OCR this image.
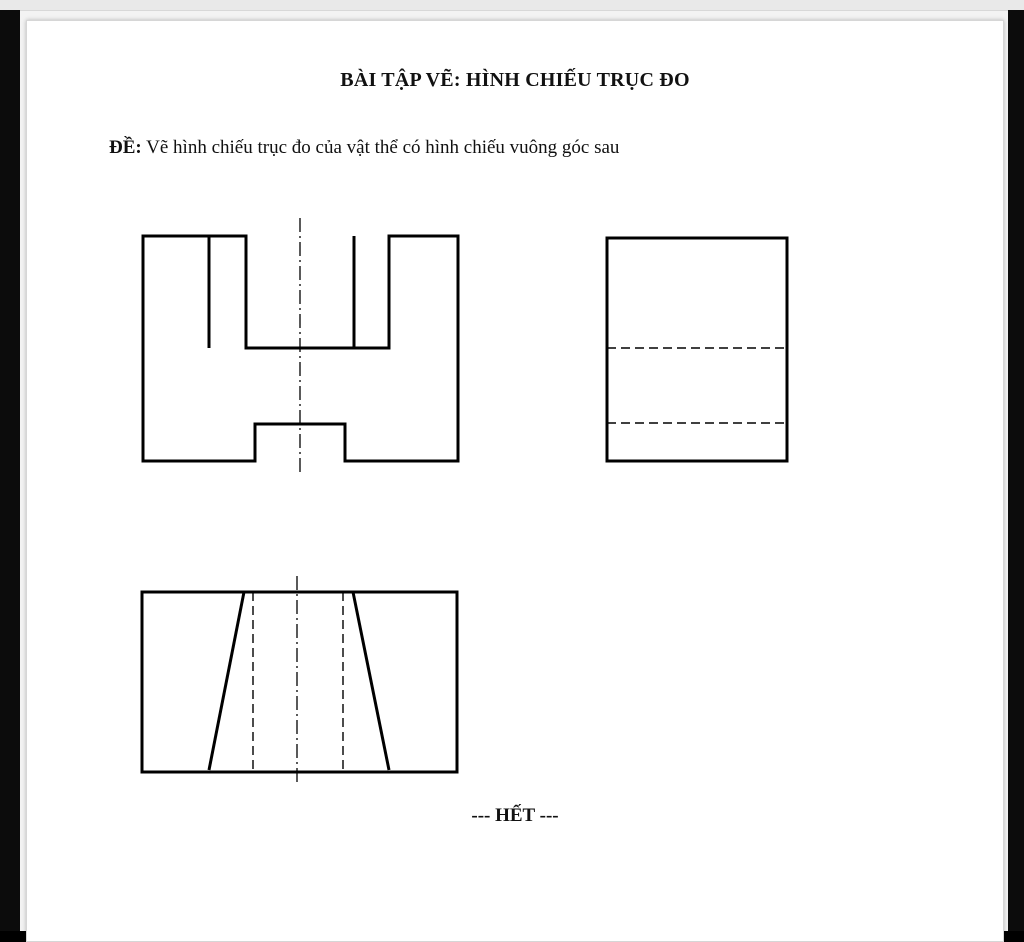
BÀI TẬP VẼ: HÌNH CHIẾU TRỤC ĐO
ĐỀ: Vẽ hình chiếu trục đo của vật thể có hình chiếu vuông góc sau
--- HẾT ---
